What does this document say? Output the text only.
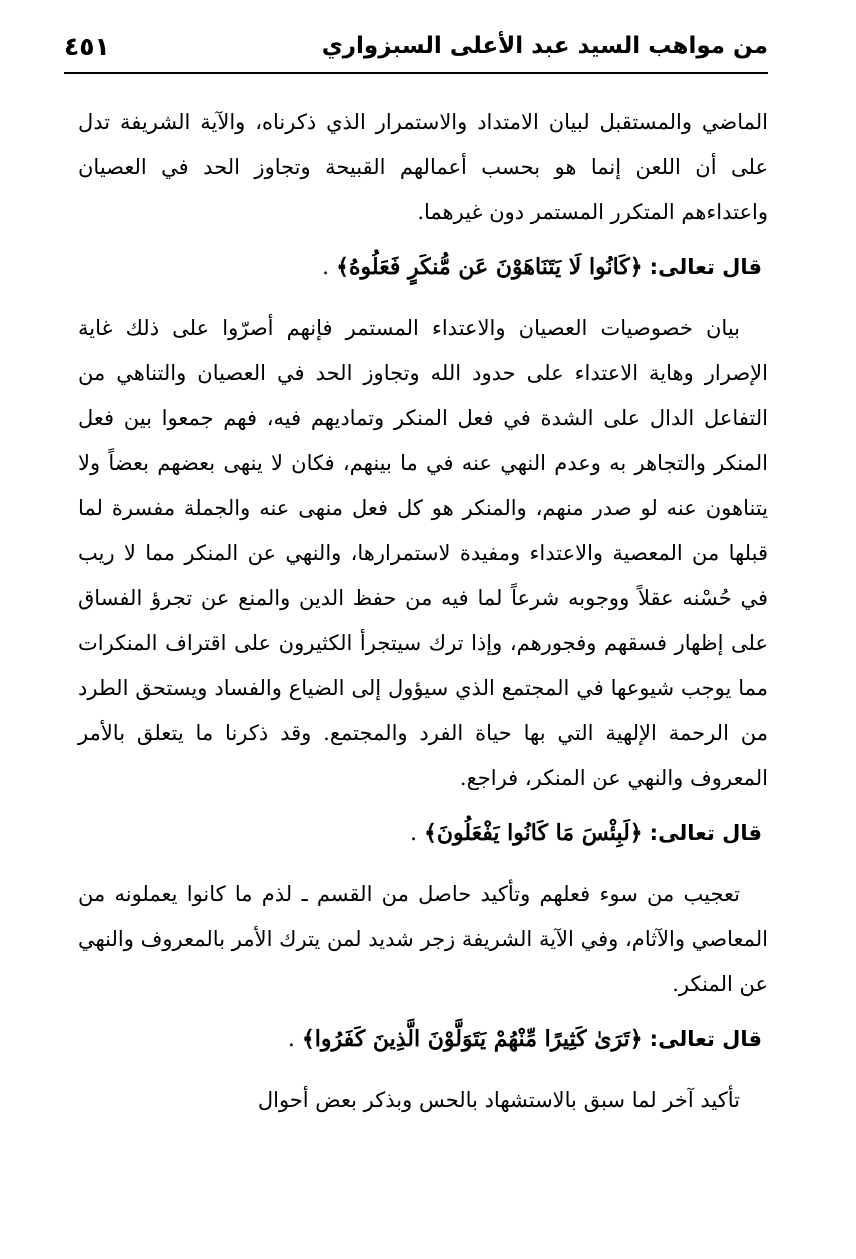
من مواهب السيد عبد الأعلى السبزواري
٤٥١

الماضي والمستقبل لبيان الامتداد والاستمرار الذي ذكرناه، والآية الشريفة تدل على أن اللعن إنما هو بحسب أعمالهم القبيحة وتجاوز الحد في العصيان واعتداءهم المتكرر المستمر دون غيرهما.

قال تعالى: ﴿كَانُوا لَا يَتَنَاهَوْنَ عَن مُّنكَرٍ فَعَلُوهُ﴾ .

بيان خصوصيات العصيان والاعتداء المستمر فإنهم أصرّوا على ذلك غاية الإصرار وهاية الاعتداء على حدود الله وتجاوز الحد في العصيان والتناهي من التفاعل الدال على الشدة في فعل المنكر وتماديهم فيه، فهم جمعوا بين فعل المنكر والتجاهر به وعدم النهي عنه في ما بينهم، فكان لا ينهى بعضهم بعضاً ولا يتناهون عنه لو صدر منهم، والمنكر هو كل فعل منهى عنه والجملة مفسرة لما قبلها من المعصية والاعتداء ومفيدة لاستمرارها، والنهي عن المنكر مما لا ريب في حُسْنه عقلاً ووجوبه شرعاً لما فيه من حفظ الدين والمنع عن تجرؤ الفساق على إظهار فسقهم وفجورهم، وإذا ترك سيتجرأ الكثيرون على اقتراف المنكرات مما يوجب شيوعها في المجتمع الذي سيؤول إلى الضياع والفساد ويستحق الطرد من الرحمة الإلهية التي بها حياة الفرد والمجتمع. وقد ذكرنا ما يتعلق بالأمر المعروف والنهي عن المنكر، فراجع.

قال تعالى: ﴿لَبِئْسَ مَا كَانُوا يَفْعَلُونَ﴾ .

تعجيب من سوء فعلهم وتأكيد حاصل من القسم ـ لذم ما كانوا يعملونه من المعاصي والآثام، وفي الآية الشريفة زجر شديد لمن يترك الأمر بالمعروف والنهي عن المنكر.

قال تعالى: ﴿تَرَىٰ كَثِيرًا مِّنْهُمْ يَتَوَلَّوْنَ الَّذِينَ كَفَرُوا﴾ .

تأكيد آخر لما سبق بالاستشهاد بالحس وبذكر بعض أحوال
